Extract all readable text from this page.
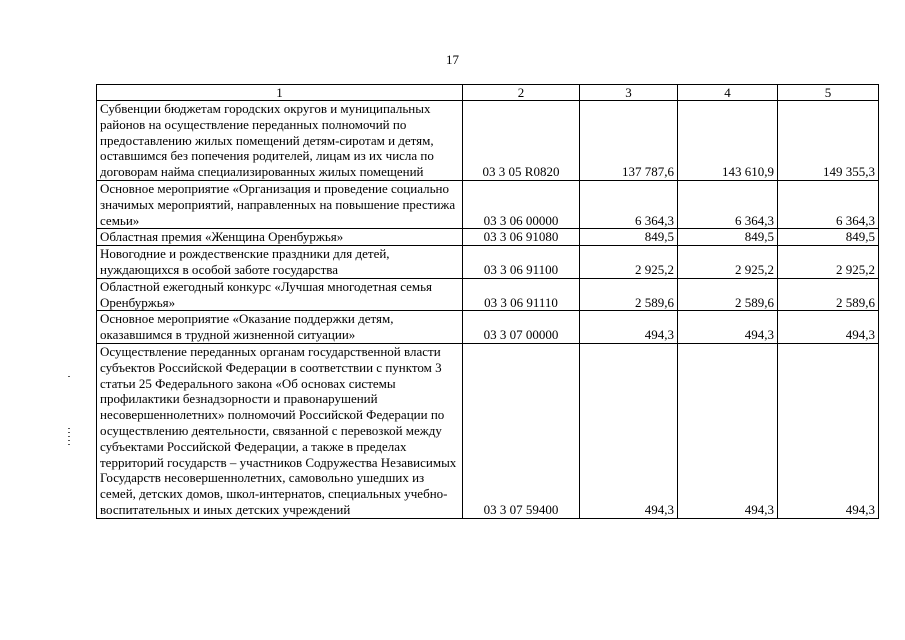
17
1	2	3	4	5
Субвенции бюджетам городских округов и муниципальных районов на осуществление переданных полномочий по предоставлению жилых помещений детям-сиротам и детям, оставшимся без попечения родителей, лицам из их числа по договорам найма специализированных жилых помещений	03 3 05 R0820	137 787,6	143 610,9	149 355,3
Основное мероприятие «Организация и проведение социально значимых мероприятий, направленных на повышение престижа семьи»	03 3 06 00000	6 364,3	6 364,3	6 364,3
Областная премия «Женщина Оренбуржья»	03 3 06 91080	849,5	849,5	849,5
Новогодние и рождественские праздники для детей, нуждающихся в особой заботе государства	03 3 06 91100	2 925,2	2 925,2	2 925,2
Областной ежегодный конкурс «Лучшая многодетная семья Оренбуржья»	03 3 06 91110	2 589,6	2 589,6	2 589,6
Основное мероприятие «Оказание поддержки детям, оказавшимся в трудной жизненной ситуации»	03 3 07 00000	494,3	494,3	494,3
Осуществление переданных органам государственной власти субъектов Российской Федерации в соответствии с пунктом 3 статьи 25 Федерального закона «Об основах системы профилактики безнадзорности и правонарушений несовершеннолетних» полномочий Российской Федерации по осуществлению деятельности, связанной с перевозкой между субъектами Российской Федерации, а также в пределах территорий государств – участников Содружества Независимых Государств несовершеннолетних, самовольно ушедших из семей, детских домов, школ-интернатов, специальных учебно-воспитательных и иных детских учреждений	03 3 07 59400	494,3	494,3	494,3
